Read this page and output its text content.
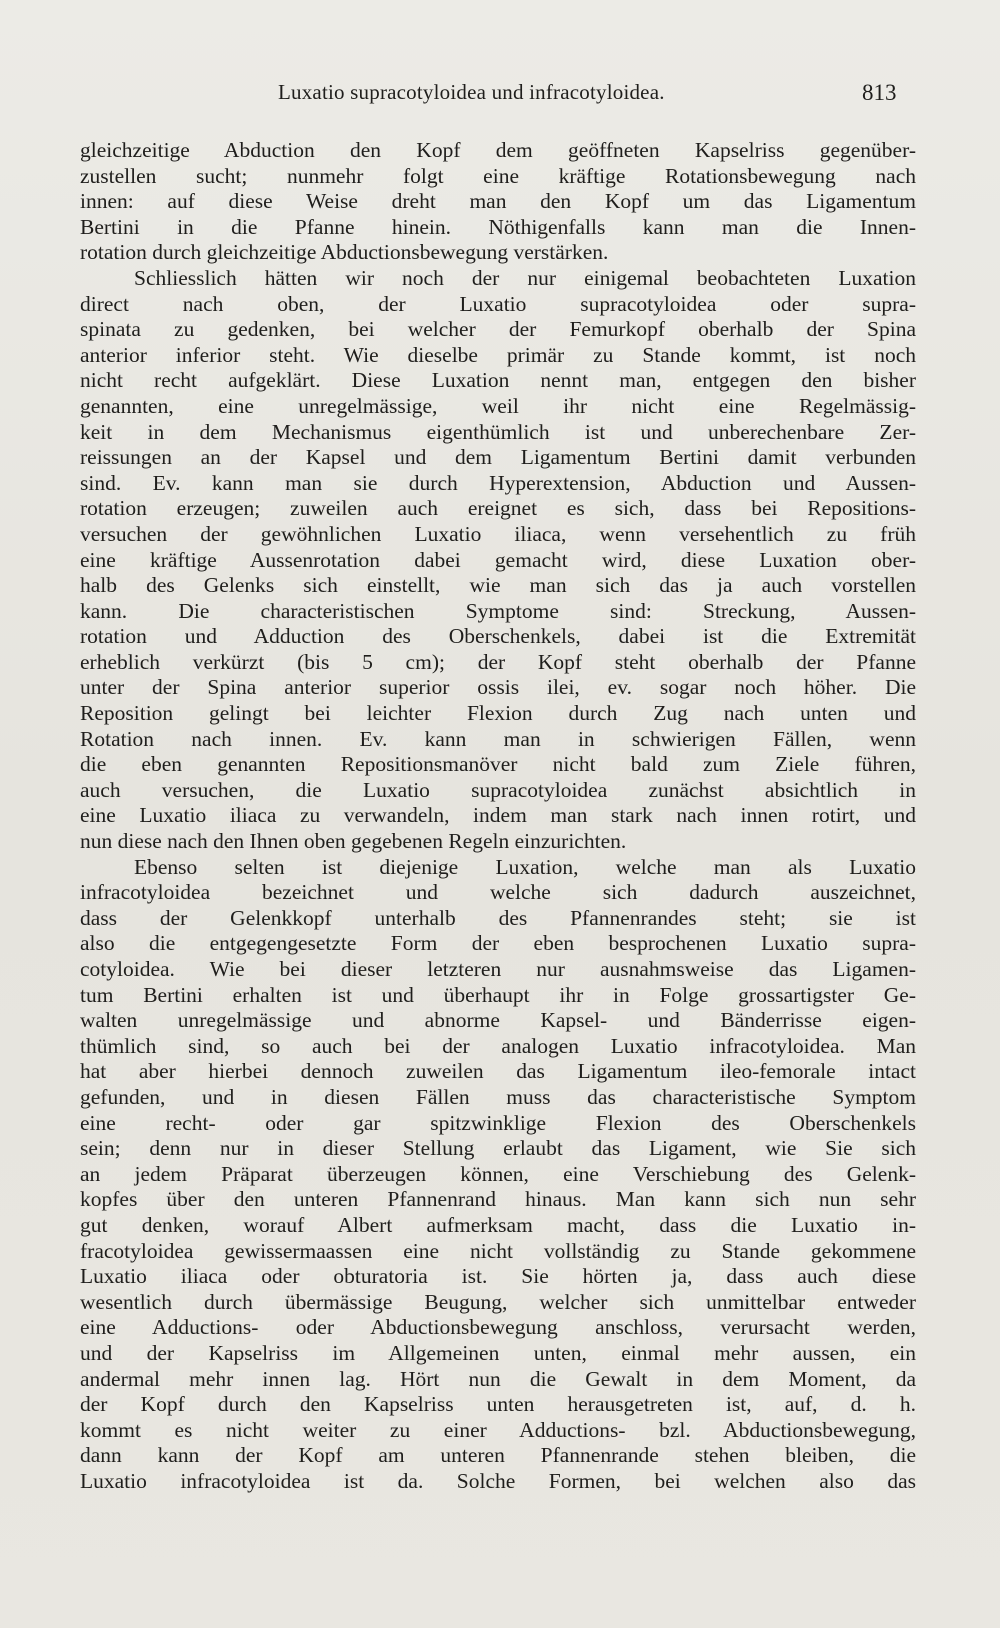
Luxatio supracotyloidea und infracotyloidea.	813
gleichzeitige Abduction den Kopf dem geöffneten Kapselriss gegenüber-
zustellen sucht; nunmehr folgt eine kräftige Rotationsbewegung nach
innen: auf diese Weise dreht man den Kopf um das Ligamentum
Bertini in die Pfanne hinein. Nöthigenfalls kann man die Innen-
rotation durch gleichzeitige Abductionsbewegung verstärken.
Schliesslich hätten wir noch der nur einigemal beobachteten Luxation
direct nach oben, der Luxatio supracotyloidea oder supra-
spinata zu gedenken, bei welcher der Femurkopf oberhalb der Spina
anterior inferior steht. Wie dieselbe primär zu Stande kommt, ist noch
nicht recht aufgeklärt. Diese Luxation nennt man, entgegen den bisher
genannten, eine unregelmässige, weil ihr nicht eine Regelmässig-
keit in dem Mechanismus eigenthümlich ist und unberechenbare Zer-
reissungen an der Kapsel und dem Ligamentum Bertini damit verbunden
sind. Ev. kann man sie durch Hyperextension, Abduction und Aussen-
rotation erzeugen; zuweilen auch ereignet es sich, dass bei Repositions-
versuchen der gewöhnlichen Luxatio iliaca, wenn versehentlich zu früh
eine kräftige Aussenrotation dabei gemacht wird, diese Luxation ober-
halb des Gelenks sich einstellt, wie man sich das ja auch vorstellen
kann. Die characteristischen Symptome sind: Streckung, Aussen-
rotation und Adduction des Oberschenkels, dabei ist die Extremität
erheblich verkürzt (bis 5 cm); der Kopf steht oberhalb der Pfanne
unter der Spina anterior superior ossis ilei, ev. sogar noch höher. Die
Reposition gelingt bei leichter Flexion durch Zug nach unten und
Rotation nach innen. Ev. kann man in schwierigen Fällen, wenn
die eben genannten Repositionsmanöver nicht bald zum Ziele führen,
auch versuchen, die Luxatio supracotyloidea zunächst absichtlich in
eine Luxatio iliaca zu verwandeln, indem man stark nach innen rotirt, und
nun diese nach den Ihnen oben gegebenen Regeln einzurichten.
Ebenso selten ist diejenige Luxation, welche man als Luxatio
infracotyloidea bezeichnet und welche sich dadurch auszeichnet,
dass der Gelenkkopf unterhalb des Pfannenrandes steht; sie ist
also die entgegengesetzte Form der eben besprochenen Luxatio supra-
cotyloidea. Wie bei dieser letzteren nur ausnahmsweise das Ligamen-
tum Bertini erhalten ist und überhaupt ihr in Folge grossartigster Ge-
walten unregelmässige und abnorme Kapsel- und Bänderrisse eigen-
thümlich sind, so auch bei der analogen Luxatio infracotyloidea. Man
hat aber hierbei dennoch zuweilen das Ligamentum ileo-femorale intact
gefunden, und in diesen Fällen muss das characteristische Symptom
eine recht- oder gar spitzwinklige Flexion des Oberschenkels
sein; denn nur in dieser Stellung erlaubt das Ligament, wie Sie sich
an jedem Präparat überzeugen können, eine Verschiebung des Gelenk-
kopfes über den unteren Pfannenrand hinaus. Man kann sich nun sehr
gut denken, worauf Albert aufmerksam macht, dass die Luxatio in-
fracotyloidea gewissermaassen eine nicht vollständig zu Stande gekommene
Luxatio iliaca oder obturatoria ist. Sie hörten ja, dass auch diese
wesentlich durch übermässige Beugung, welcher sich unmittelbar entweder
eine Adductions- oder Abductionsbewegung anschloss, verursacht werden,
und der Kapselriss im Allgemeinen unten, einmal mehr aussen, ein
andermal mehr innen lag. Hört nun die Gewalt in dem Moment, da
der Kopf durch den Kapselriss unten herausgetreten ist, auf, d. h.
kommt es nicht weiter zu einer Adductions- bzl. Abductionsbewegung,
dann kann der Kopf am unteren Pfannenrande stehen bleiben, die
Luxatio infracotyloidea ist da. Solche Formen, bei welchen also das
